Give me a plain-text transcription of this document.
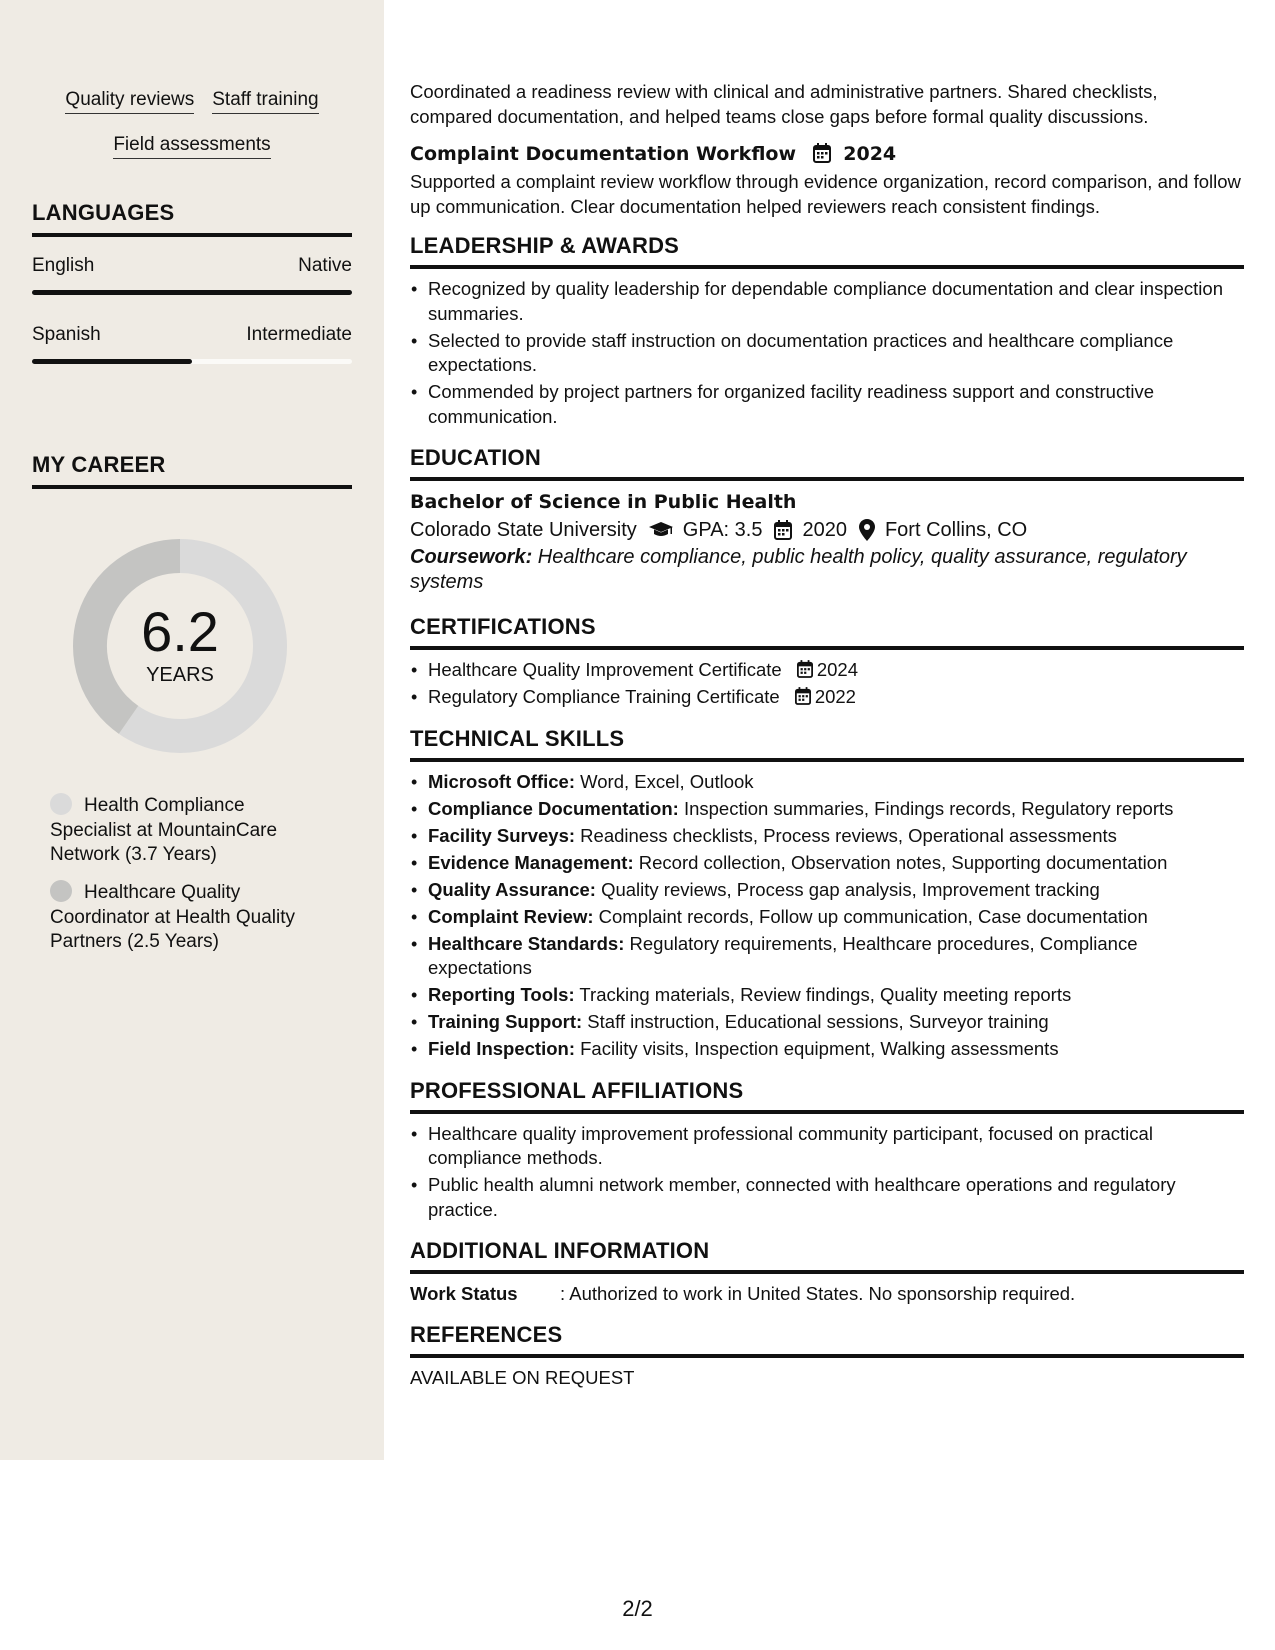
Quality reviews Staff training
Field assessments
LANGUAGES
English	Native
Spanish	Intermediate
MY CAREER
6.2
YEARS
Health Compliance Specialist at MountainCare Network (3.7 Years)
Healthcare Quality Coordinator at Health Quality Partners (2.5 Years)
Coordinated a readiness review with clinical and administrative partners. Shared checklists, compared documentation, and helped teams close gaps before formal quality discussions.
Complaint Documentation Workflow 2024
Supported a complaint review workflow through evidence organization, record comparison, and follow up communication. Clear documentation helped reviewers reach consistent findings.
LEADERSHIP & AWARDS
• Recognized by quality leadership for dependable compliance documentation and clear inspection summaries.
• Selected to provide staff instruction on documentation practices and healthcare compliance expectations.
• Commended by project partners for organized facility readiness support and constructive communication.
EDUCATION
Bachelor of Science in Public Health
Colorado State University GPA: 3.5 2020 Fort Collins, CO
Coursework: Healthcare compliance, public health policy, quality assurance, regulatory systems
CERTIFICATIONS
• Healthcare Quality Improvement Certificate 2024
• Regulatory Compliance Training Certificate 2022
TECHNICAL SKILLS
• Microsoft Office: Word, Excel, Outlook
• Compliance Documentation: Inspection summaries, Findings records, Regulatory reports
• Facility Surveys: Readiness checklists, Process reviews, Operational assessments
• Evidence Management: Record collection, Observation notes, Supporting documentation
• Quality Assurance: Quality reviews, Process gap analysis, Improvement tracking
• Complaint Review: Complaint records, Follow up communication, Case documentation
• Healthcare Standards: Regulatory requirements, Healthcare procedures, Compliance expectations
• Reporting Tools: Tracking materials, Review findings, Quality meeting reports
• Training Support: Staff instruction, Educational sessions, Surveyor training
• Field Inspection: Facility visits, Inspection equipment, Walking assessments
PROFESSIONAL AFFILIATIONS
• Healthcare quality improvement professional community participant, focused on practical compliance methods.
• Public health alumni network member, connected with healthcare operations and regulatory practice.
ADDITIONAL INFORMATION
Work Status	: Authorized to work in United States. No sponsorship required.
REFERENCES
AVAILABLE ON REQUEST
2/2
